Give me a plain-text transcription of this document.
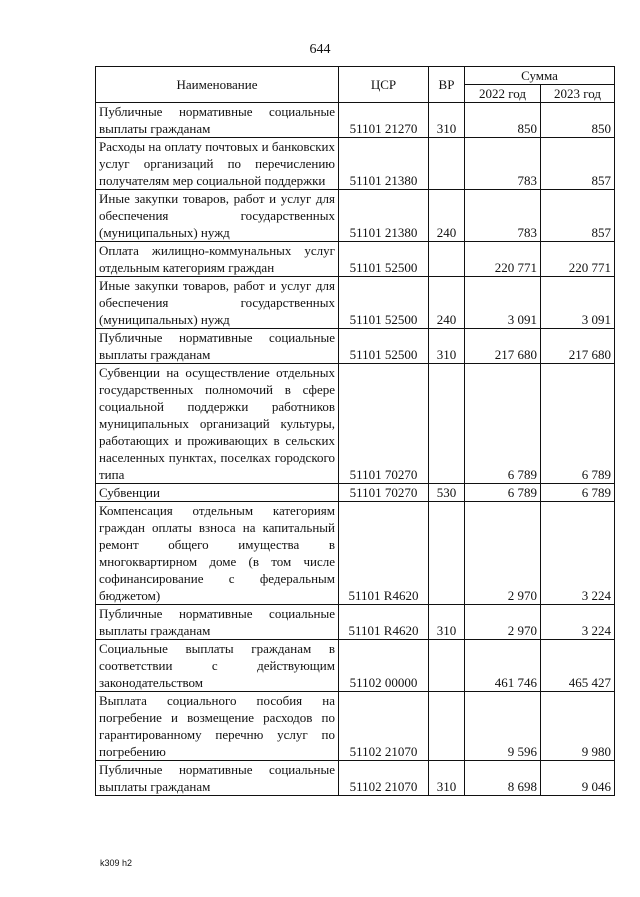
644
Наименование	ЦСР	ВР	Сумма	
			2022 год	2023 год
Публичные нормативные социальные выплаты гражданам	51101 21270	310	850	850
Расходы на оплату почтовых и банковских услуг организаций по перечислению получателям мер социальной поддержки	51101 21380		783	857
Иные закупки товаров, работ и услуг для обеспечения государственных (муниципальных) нужд	51101 21380	240	783	857
Оплата жилищно-коммунальных услуг отдельным категориям граждан	51101 52500		220 771	220 771
Иные закупки товаров, работ и услуг для обеспечения государственных (муниципальных) нужд	51101 52500	240	3 091	3 091
Публичные нормативные социальные выплаты гражданам	51101 52500	310	217 680	217 680
Субвенции на осуществление отдельных государственных полномочий в сфере социальной поддержки работников муниципальных организаций культуры, работающих и проживающих в сельских населенных пунктах, поселках городского типа	51101 70270		6 789	6 789
Субвенции	51101 70270	530	6 789	6 789
Компенсация отдельным категориям граждан оплаты взноса на капитальный ремонт общего имущества в многоквартирном доме (в том числе софинансирование с федеральным бюджетом)	51101 R4620		2 970	3 224
Публичные нормативные социальные выплаты гражданам	51101 R4620	310	2 970	3 224
Социальные выплаты гражданам в соответствии с действующим законодательством	51102 00000		461 746	465 427
Выплата социального пособия на погребение и возмещение расходов по гарантированному перечню услуг по погребению	51102 21070		9 596	9 980
Публичные нормативные социальные выплаты гражданам	51102 21070	310	8 698	9 046
k309 h2
